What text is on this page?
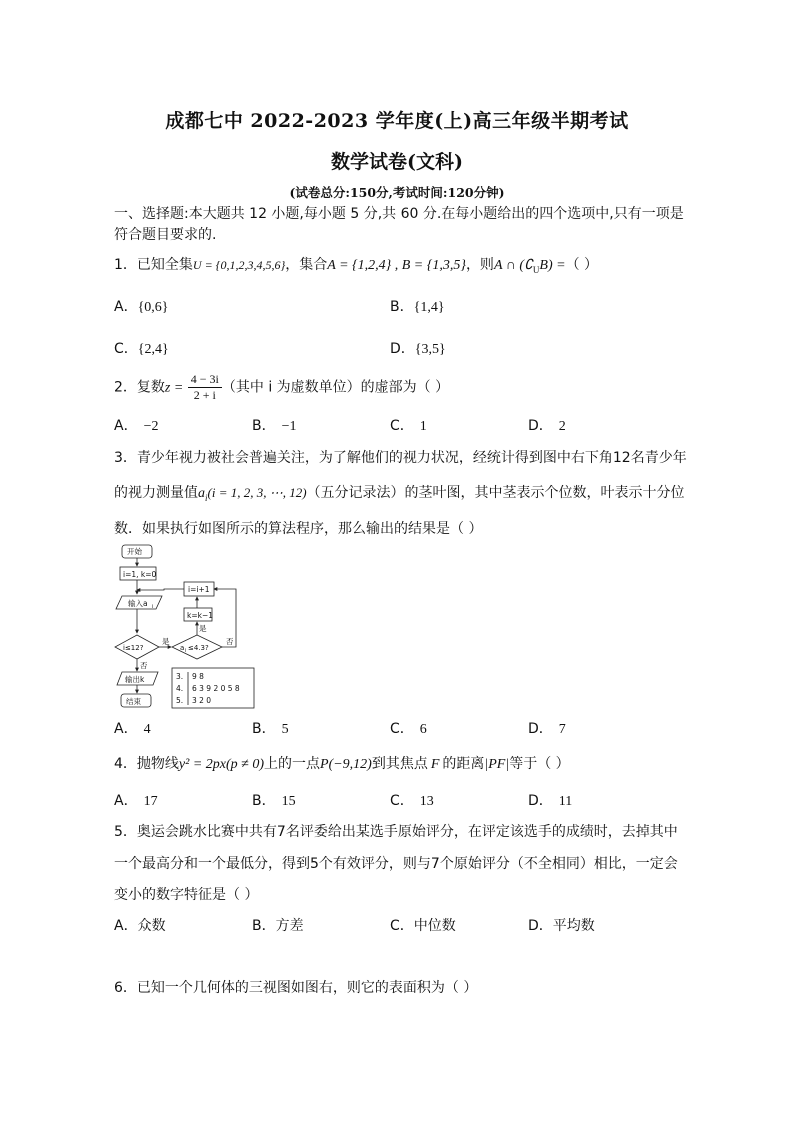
成都七中 2022-2023 学年度(上)高三年级半期考试
数学试卷(文科)
(试卷总分:150分,考试时间:120分钟)
一、选择题:本大题共 12 小题,每小题 5 分,共 60 分.在每小题给出的四个选项中,只有一项是
符合题目要求的.
1．已知全集U = {0,1,2,3,4,5,6}，集合A = {1,2,4} , B = {1,3,5}，则A ∩ $(∁_UB)$ =（ ）
A．{0,6}	B．{1,4}
C．{2,4}	D．{3,5}
2．复数$z = \frac{4 - 3i}{2 + i}$ （其中 i 为虚数单位）的虚部为（ ）
A． −2	B． −1	C． 1	D． 2
3．青少年视力被社会普遍关注，为了解他们的视力状况，经统计得到图中右下角12名青少年
的视力测量值$a_i(i = 1$, 2, 3, ⋯, 12)（五分记录法）的茎叶图，其中茎表示个位数，叶表示十分位
数．如果执行如图所示的算法程序，那么输出的结果是（ ）
开始
i=1, k=0
输入a i
i=i+1
k=k−1
i≤12?
是
a i ≤4.3?
是
否
否
输出k
结束
3. 9 8
4. 6 3 9 2 0 5 8
5. 3 2 0
A． 4	B． 5	C． 6	D． 7
4．抛物线y² = 2px(p ≠ 0)上的一点P(−9,12)到其焦点 F 的距离|PF|等于（ ）
A． 17	B． 15	C． 13	D． 11
5．奥运会跳水比赛中共有7名评委给出某选手原始评分，在评定该选手的成绩时，去掉其中
一个最高分和一个最低分，得到5个有效评分，则与7个原始评分（不全相同）相比，一定会
变小的数字特征是（ ）
A．众数	B．方差	C．中位数	D．平均数
6．已知一个几何体的三视图如图右，则它的表面积为（ ）
